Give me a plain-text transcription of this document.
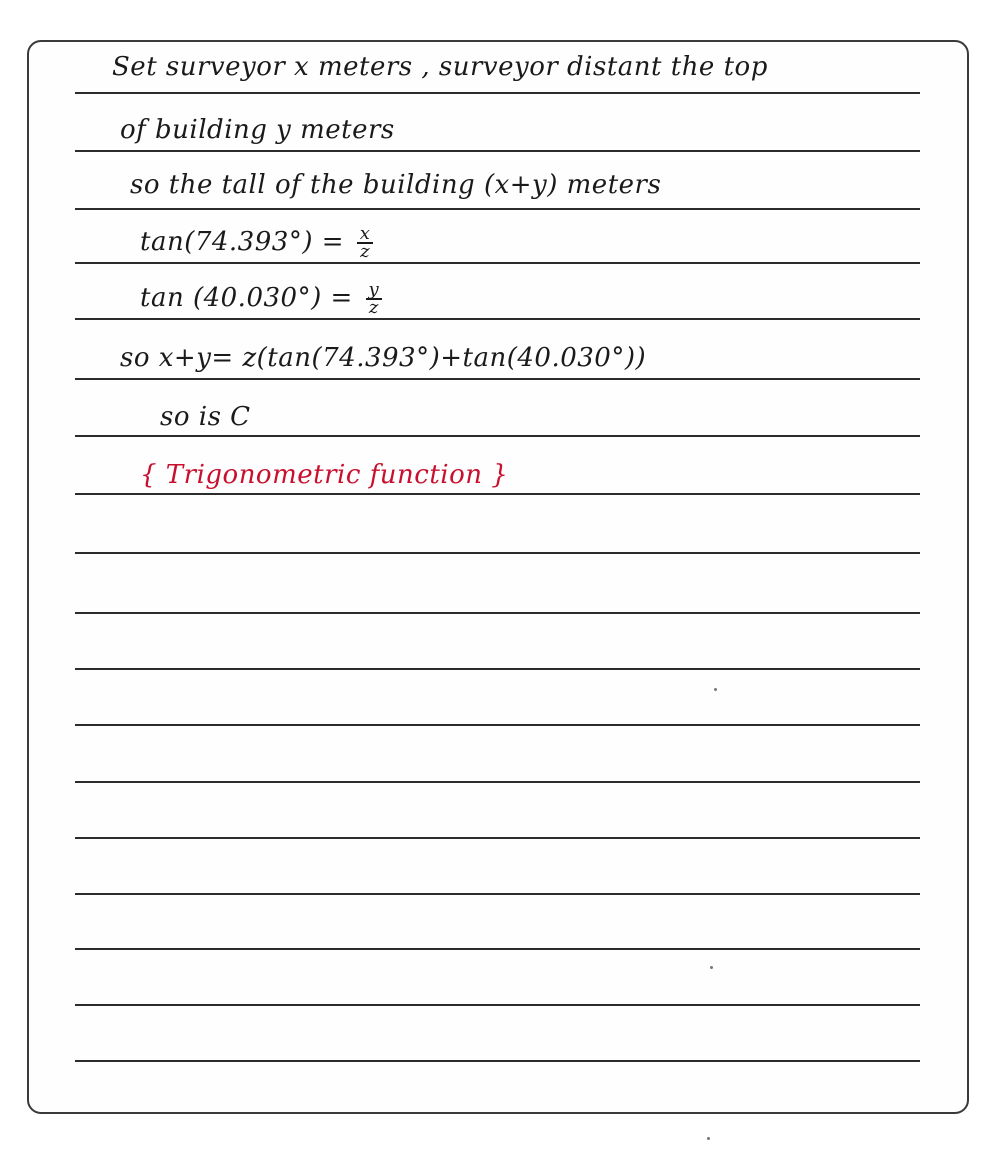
Set surveyor x meters , surveyor distant the top
of building y meters
so the tall of the building (x+y) meters
$\tan(74.393^\circ) = \frac{x}{z}$
$\tan (40.030^\circ) = \frac{y}{z}$
so x+y= z(tan(74.393°)+tan(40.030°))
so is C
{ Trigonometric function }
